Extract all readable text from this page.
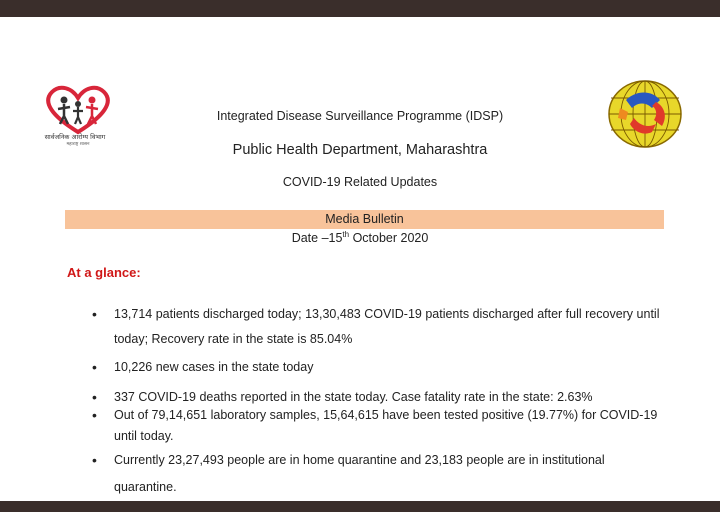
सार्वजनिक आरोग्य विभाग
महाराष्ट्र शासन
Integrated Disease Surveillance Programme (IDSP)
Public Health Department, Maharashtra
COVID-19 Related Updates
Media Bulletin
Date –15th October 2020
At a glance:
• 13,714 patients discharged today; 13,30,483 COVID-19 patients discharged after full recovery until today; Recovery rate in the state is 85.04%
• 10,226 new cases in the state today
• 337 COVID-19 deaths reported in the state today. Case fatality rate in the state: 2.63%
• Out of 79,14,651 laboratory samples, 15,64,615 have been tested positive (19.77%) for COVID-19 until today.
• Currently 23,27,493 people are in home quarantine and 23,183 people are in institutional quarantine.
